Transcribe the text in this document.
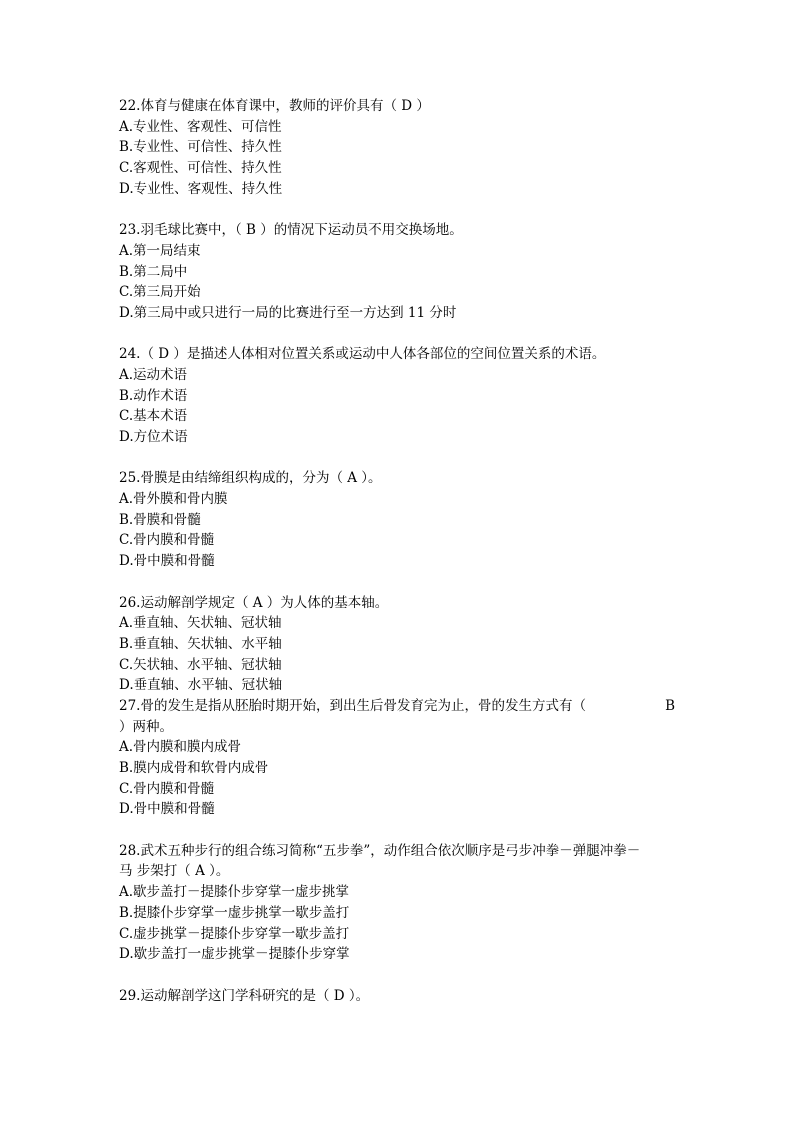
22.体育与健康在体育课中，教师的评价具有（ D ）
A.专业性、客观性、可信性
B.专业性、可信性、持久性
C.客观性、可信性、持久性
D.专业性、客观性、持久性
23.羽毛球比赛中，（ B ）的情况下运动员不用交换场地。
A.第一局结束
B.第二局中
C.第三局开始
D.第三局中或只进行一局的比赛进行至一方达到 11 分时
24.（ D ）是描述人体相对位置关系或运动中人体各部位的空间位置关系的术语。
A.运动术语
B.动作术语
C.基本术语
D.方位术语
25.骨膜是由结缔组织构成的，分为（ A ）。
A.骨外膜和骨内膜
B.骨膜和骨髓
C.骨内膜和骨髓
D.骨中膜和骨髓
26.运动解剖学规定（ A ）为人体的基本轴。
A.垂直轴、矢状轴、冠状轴
B.垂直轴、矢状轴、水平轴
C.矢状轴、水平轴、冠状轴
D.垂直轴、水平轴、冠状轴
27.骨的发生是指从胚胎时期开始，到出生后骨发育完为止，骨的发生方式有（	B
）两种。
A.骨内膜和膜内成骨
B.膜内成骨和软骨内成骨
C.骨内膜和骨髓
D.骨中膜和骨髓
28.武术五种步行的组合练习简称“五步拳”，动作组合依次顺序是弓步冲拳－弹腿冲拳－
马 步架打（ A ）。
A.歇步盖打－提膝仆步穿掌一虚步挑掌
B.提膝仆步穿掌一虚步挑掌一歇步盖打
C.虚步挑掌－提膝仆步穿掌一歇步盖打
D.歇步盖打一虚步挑掌－提膝仆步穿掌
29.运动解剖学这门学科研究的是（ D ）。
